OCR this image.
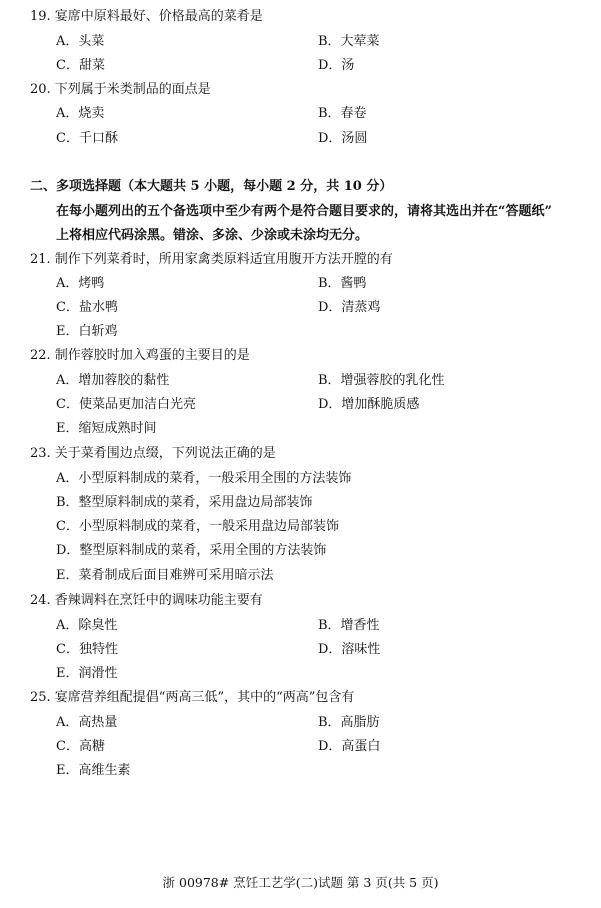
19. 宴席中原料最好、价格最高的菜肴是
A．头菜	B．大荤菜
C．甜菜	D．汤
20. 下列属于米类制品的面点是
A．烧卖	B．春卷
C．千口酥	D．汤圆
二、多项选择题（本大题共 5 小题，每小题 2 分，共 10 分）
在每小题列出的五个备选项中至少有两个是符合题目要求的，请将其选出并在“答题纸”
上将相应代码涂黑。错涂、多涂、少涂或未涂均无分。
21. 制作下列菜肴时，所用家禽类原料适宜用腹开方法开膛的有
A．烤鸭	B．酱鸭
C．盐水鸭	D．清蒸鸡
E．白斩鸡
22. 制作蓉胶时加入鸡蛋的主要目的是
A．增加蓉胶的黏性	B．增强蓉胶的乳化性
C．使菜品更加洁白光亮	D．增加酥脆质感
E．缩短成熟时间
23. 关于菜肴围边点缀，下列说法正确的是
A．小型原料制成的菜肴，一般采用全围的方法装饰
B．整型原料制成的菜肴，采用盘边局部装饰
C．小型原料制成的菜肴，一般采用盘边局部装饰
D．整型原料制成的菜肴，采用全围的方法装饰
E．菜肴制成后面目难辨可采用暗示法
24. 香辣调料在烹饪中的调味功能主要有
A．除臭性	B．增香性
C．独特性	D．溶味性
E．润滑性
25. 宴席营养组配提倡“两高三低”，其中的“两高”包含有
A．高热量	B．高脂肪
C．高糖	D．高蛋白
E．高维生素
浙 00978# 烹饪工艺学(二)试题 第 3 页(共 5 页)
